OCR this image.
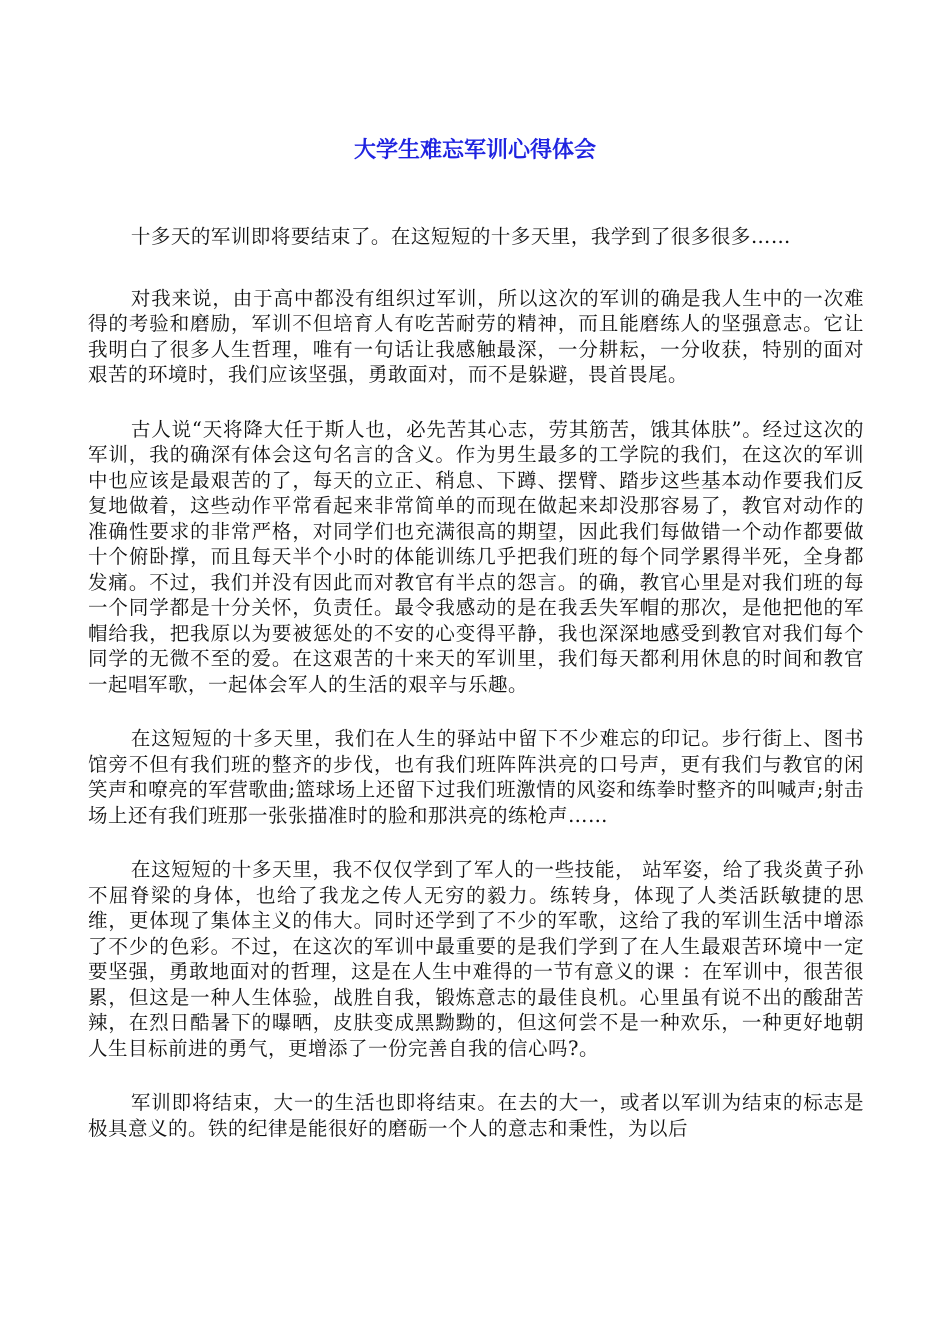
大学生难忘军训心得体会

十多天的军训即将要结束了。在这短短的十多天里，我学到了很多很多……

对我来说，由于高中都没有组织过军训，所以这次的军训的确是我人生中的一次难得的考验和磨励，军训不但培育人有吃苦耐劳的精神，而且能磨练人的坚强意志。它让我明白了很多人生哲理，唯有一句话让我感触最深，一分耕耘，一分收获，特别的面对艰苦的环境时，我们应该坚强，勇敢面对，而不是躲避，畏首畏尾。

古人说“天将降大任于斯人也，必先苦其心志，劳其筋苦，饿其体肤”。经过这次的军训，我的确深有体会这句名言的含义。作为男生最多的工学院的我们，在这次的军训中也应该是最艰苦的了，每天的立正、稍息、下蹲、摆臂、踏步这些基本动作要我们反复地做着，这些动作平常看起来非常简单的而现在做起来却没那容易了，教官对动作的准确性要求的非常严格，对同学们也充满很高的期望，因此我们每做错一个动作都要做十个俯卧撑，而且每天半个小时的体能训练几乎把我们班的每个同学累得半死，全身都发痛。不过，我们并没有因此而对教官有半点的怨言。的确，教官心里是对我们班的每一个同学都是十分关怀，负责任。最令我感动的是在我丢失军帽的那次，是他把他的军帽给我，把我原以为要被惩处的不安的心变得平静，我也深深地感受到教官对我们每个同学的无微不至的爱。在这艰苦的十来天的军训里，我们每天都利用休息的时间和教官一起唱军歌，一起体会军人的生活的艰辛与乐趣。

在这短短的十多天里，我们在人生的驿站中留下不少难忘的印记。步行街上、图书馆旁不但有我们班的整齐的步伐，也有我们班阵阵洪亮的口号声，更有我们与教官的闲笑声和嘹亮的军营歌曲;篮球场上还留下过我们班激情的风姿和练拳时整齐的叫喊声;射击场上还有我们班那一张张描准时的脸和那洪亮的练枪声……

在这短短的十多天里，我不仅仅学到了军人的一些技能， 站军姿，给了我炎黄子孙不屈脊梁的身体，也给了我龙之传人无穷的毅力。练转身，体现了人类活跃敏捷的思维，更体现了集体主义的伟大。同时还学到了不少的军歌，这给了我的军训生活中增添了不少的色彩。不过，在这次的军训中最重要的是我们学到了在人生最艰苦环境中一定要坚强，勇敢地面对的哲理，这是在人生中难得的一节有意义的课 ：在军训中，很苦很累，但这是一种人生体验，战胜自我，锻炼意志的最佳良机。心里虽有说不出的酸甜苦辣，在烈日酷暑下的曝晒，皮肤变成黑黝黝的，但这何尝不是一种欢乐，一种更好地朝人生目标前进的勇气，更增添了一份完善自我的信心吗?。

军训即将结束，大一的生活也即将结束。在去的大一，或者以军训为结束的标志是极具意义的。铁的纪律是能很好的磨砺一个人的意志和秉性，为以后
